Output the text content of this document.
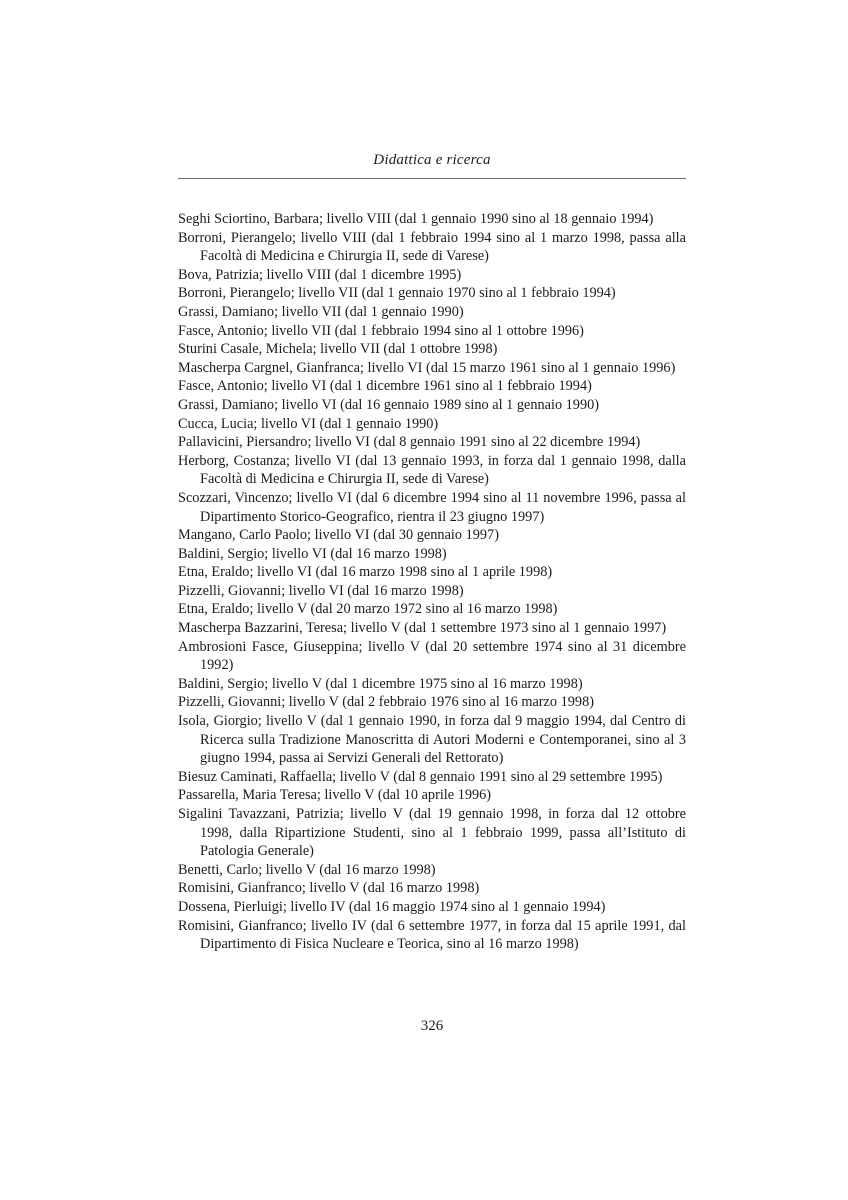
Didattica e ricerca

Seghi Sciortino, Barbara; livello VIII (dal 1 gennaio 1990 sino al 18 gennaio 1994)

Borroni, Pierangelo; livello VIII (dal 1 febbraio 1994 sino al 1 marzo 1998, passa alla Facoltà di Medicina e Chirurgia II, sede di Varese)

Bova, Patrizia; livello VIII (dal 1 dicembre 1995)

Borroni, Pierangelo; livello VII (dal 1 gennaio 1970 sino al 1 febbraio 1994)

Grassi, Damiano; livello VII (dal 1 gennaio 1990)

Fasce, Antonio; livello VII (dal 1 febbraio 1994 sino al 1 ottobre 1996)

Sturini Casale, Michela; livello VII (dal 1 ottobre 1998)

Mascherpa Cargnel, Gianfranca; livello VI (dal 15 marzo 1961 sino al 1 gennaio 1996)

Fasce, Antonio; livello VI (dal 1 dicembre 1961 sino al 1 febbraio 1994)

Grassi, Damiano; livello VI (dal 16 gennaio 1989 sino al 1 gennaio 1990)

Cucca, Lucia; livello VI (dal 1 gennaio 1990)

Pallavicini, Piersandro; livello VI (dal 8 gennaio 1991 sino al 22 dicembre 1994)

Herborg, Costanza; livello VI (dal 13 gennaio 1993, in forza dal 1 gennaio 1998, dalla Facoltà di Medicina e Chirurgia II, sede di Varese)

Scozzari, Vincenzo; livello VI (dal 6 dicembre 1994 sino al 11 novembre 1996, passa al Dipartimento Storico-Geografico, rientra il 23 giugno 1997)

Mangano, Carlo Paolo; livello VI (dal 30 gennaio 1997)

Baldini, Sergio; livello VI (dal 16 marzo 1998)

Etna, Eraldo; livello VI (dal 16 marzo 1998 sino al 1 aprile 1998)

Pizzelli, Giovanni; livello VI (dal 16 marzo 1998)

Etna, Eraldo; livello V (dal 20 marzo 1972 sino al 16 marzo 1998)

Mascherpa Bazzarini, Teresa; livello V (dal 1 settembre 1973 sino al 1 gennaio 1997)

Ambrosioni Fasce, Giuseppina; livello V (dal 20 settembre 1974 sino al 31 dicembre 1992)

Baldini, Sergio; livello V (dal 1 dicembre 1975 sino al 16 marzo 1998)

Pizzelli, Giovanni; livello V (dal 2 febbraio 1976 sino al 16 marzo 1998)

Isola, Giorgio; livello V (dal 1 gennaio 1990, in forza dal 9 maggio 1994, dal Centro di Ricerca sulla Tradizione Manoscritta di Autori Moderni e Contemporanei, sino al 3 giugno 1994, passa ai Servizi Generali del Rettorato)

Biesuz Caminati, Raffaella; livello V (dal 8 gennaio 1991 sino al 29 settembre 1995)

Passarella, Maria Teresa; livello V (dal 10 aprile 1996)

Sigalini Tavazzani, Patrizia; livello V (dal 19 gennaio 1998, in forza dal 12 ottobre 1998, dalla Ripartizione Studenti, sino al 1 febbraio 1999, passa all’Istituto di Patologia Generale)

Benetti, Carlo; livello V (dal 16 marzo 1998)

Romisini, Gianfranco; livello V (dal 16 marzo 1998)

Dossena, Pierluigi; livello IV (dal 16 maggio 1974 sino al 1 gennaio 1994)

Romisini, Gianfranco; livello IV (dal 6 settembre 1977, in forza dal 15 aprile 1991, dal Dipartimento di Fisica Nucleare e Teorica, sino al 16 marzo 1998)

326
